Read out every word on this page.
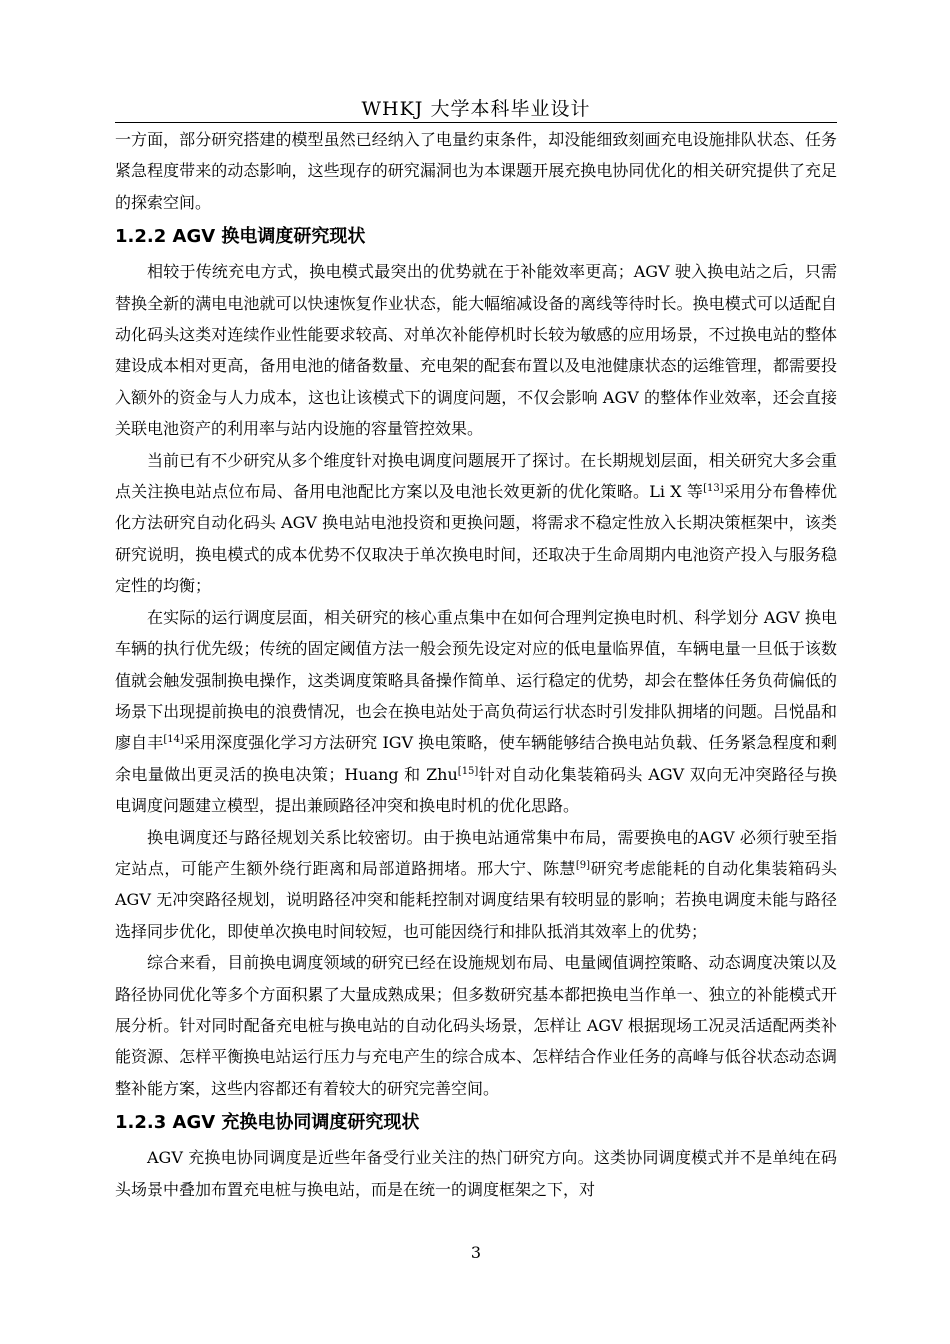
WHKJ 大学本科毕业设计

一方面，部分研究搭建的模型虽然已经纳入了电量约束条件，却没能细致刻画充电设施排队状态、任务紧急程度带来的动态影响，这些现存的研究漏洞也为本课题开展充换电协同优化的相关研究提供了充足的探索空间。

1.2.2 AGV 换电调度研究现状

相较于传统充电方式，换电模式最突出的优势就在于补能效率更高；AGV 驶入换电站之后，只需替换全新的满电电池就可以快速恢复作业状态，能大幅缩减设备的离线等待时长。换电模式可以适配自动化码头这类对连续作业性能要求较高、对单次补能停机时长较为敏感的应用场景，不过换电站的整体建设成本相对更高，备用电池的储备数量、充电架的配套布置以及电池健康状态的运维管理，都需要投入额外的资金与人力成本，这也让该模式下的调度问题，不仅会影响 AGV 的整体作业效率，还会直接关联电池资产的利用率与站内设施的容量管控效果。

当前已有不少研究从多个维度针对换电调度问题展开了探讨。在长期规划层面，相关研究大多会重点关注换电站点位布局、备用电池配比方案以及电池长效更新的优化策略。Li X 等[13]采用分布鲁棒优化方法研究自动化码头 AGV 换电站电池投资和更换问题，将需求不稳定性放入长期决策框架中，该类研究说明，换电模式的成本优势不仅取决于单次换电时间，还取决于生命周期内电池资产投入与服务稳定性的均衡；

在实际的运行调度层面，相关研究的核心重点集中在如何合理判定换电时机、科学划分 AGV 换电车辆的执行优先级；传统的固定阈值方法一般会预先设定对应的低电量临界值，车辆电量一旦低于该数值就会触发强制换电操作，这类调度策略具备操作简单、运行稳定的优势，却会在整体任务负荷偏低的场景下出现提前换电的浪费情况，也会在换电站处于高负荷运行状态时引发排队拥堵的问题。吕悦晶和廖自丰[14]采用深度强化学习方法研究 IGV 换电策略，使车辆能够结合换电站负载、任务紧急程度和剩余电量做出更灵活的换电决策；Huang 和 Zhu[15]针对自动化集装箱码头 AGV 双向无冲突路径与换电调度问题建立模型，提出兼顾路径冲突和换电时机的优化思路。

换电调度还与路径规划关系比较密切。由于换电站通常集中布局，需要换电的AGV 必须行驶至指定站点，可能产生额外绕行距离和局部道路拥堵。邢大宁、陈慧[9]研究考虑能耗的自动化集装箱码头 AGV 无冲突路径规划，说明路径冲突和能耗控制对调度结果有较明显的影响；若换电调度未能与路径选择同步优化，即使单次换电时间较短，也可能因绕行和排队抵消其效率上的优势；

综合来看，目前换电调度领域的研究已经在设施规划布局、电量阈值调控策略、动态调度决策以及路径协同优化等多个方面积累了大量成熟成果；但多数研究基本都把换电当作单一、独立的补能模式开展分析。针对同时配备充电桩与换电站的自动化码头场景，怎样让 AGV 根据现场工况灵活适配两类补能资源、怎样平衡换电站运行压力与充电产生的综合成本、怎样结合作业任务的高峰与低谷状态动态调整补能方案，这些内容都还有着较大的研究完善空间。

1.2.3 AGV 充换电协同调度研究现状

AGV 充换电协同调度是近些年备受行业关注的热门研究方向。这类协同调度模式并不是单纯在码头场景中叠加布置充电桩与换电站，而是在统一的调度框架之下，对

3
